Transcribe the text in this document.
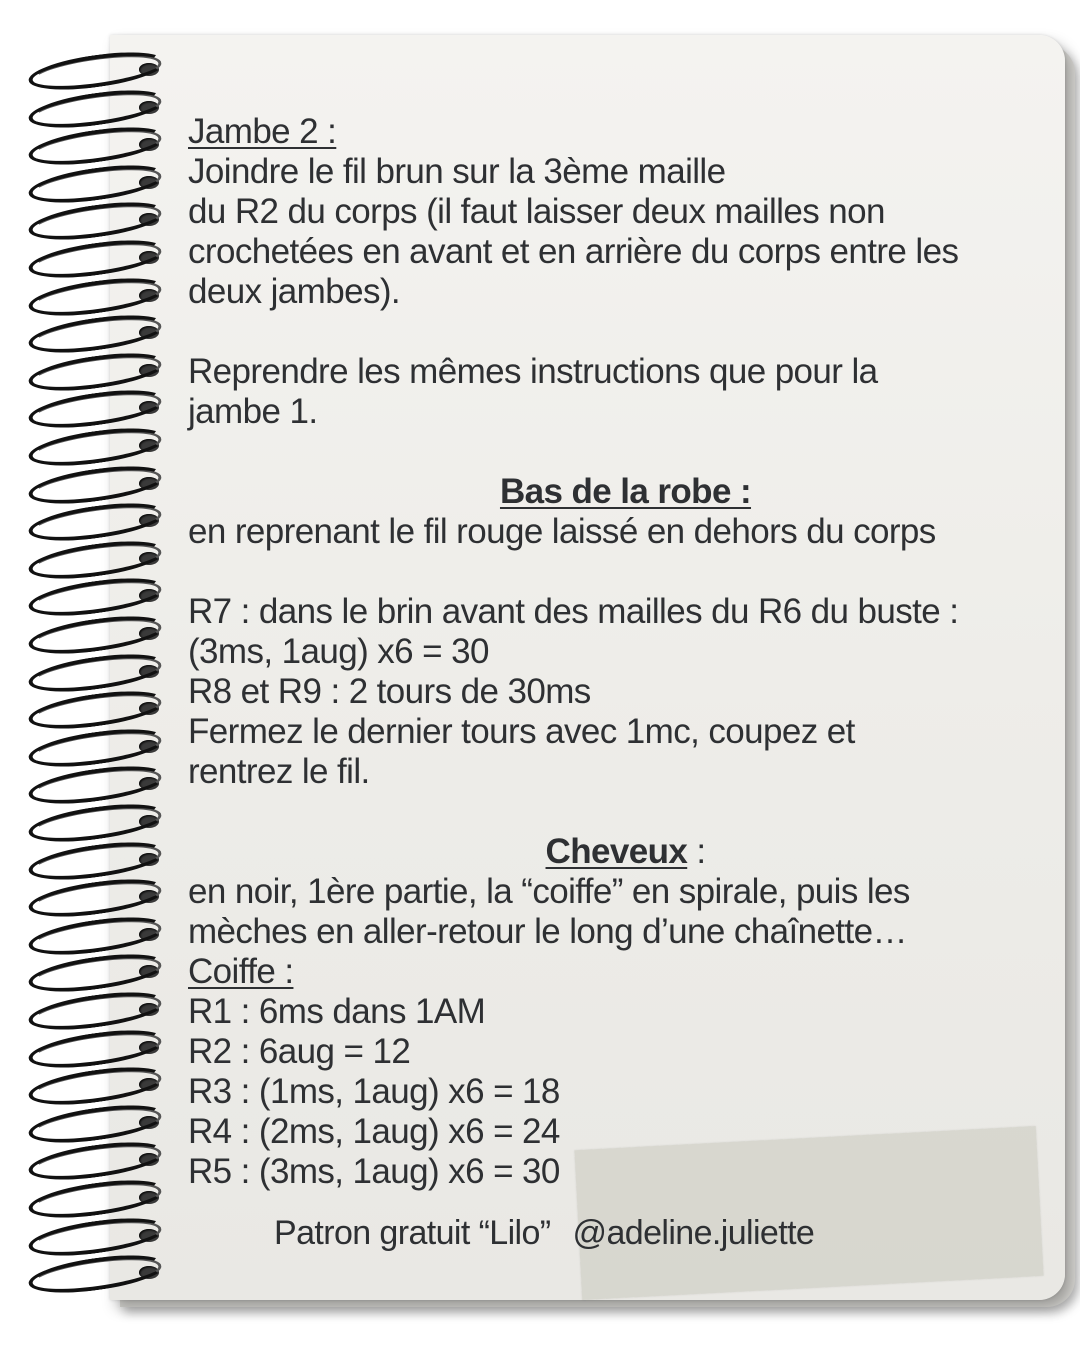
Jambe 2 :
Joindre le fil brun sur la 3ème maille
du R2 du corps (il faut laisser deux mailles non
crochetées en avant et en arrière du corps entre les
deux jambes).
Reprendre les mêmes instructions que pour la
jambe 1.
Bas de la robe :
en reprenant le fil rouge laissé en dehors du corps
R7 : dans le brin avant des mailles du R6 du buste :
(3ms, 1aug) x6 = 30
R8 et R9 : 2 tours de 30ms
Fermez le dernier tours avec 1mc, coupez et
rentrez le fil.
Cheveux :
en noir, 1ère partie, la “coiffe” en spirale, puis les
mèches en aller-retour le long d’une chaînette…
Coiffe :
R1 : 6ms dans 1AM
R2 : 6aug = 12
R3 : (1ms, 1aug) x6 = 18
R4 : (2ms, 1aug) x6 = 24
R5 : (3ms, 1aug) x6 = 30
Patron gratuit “Lilo” @adeline.juliette
